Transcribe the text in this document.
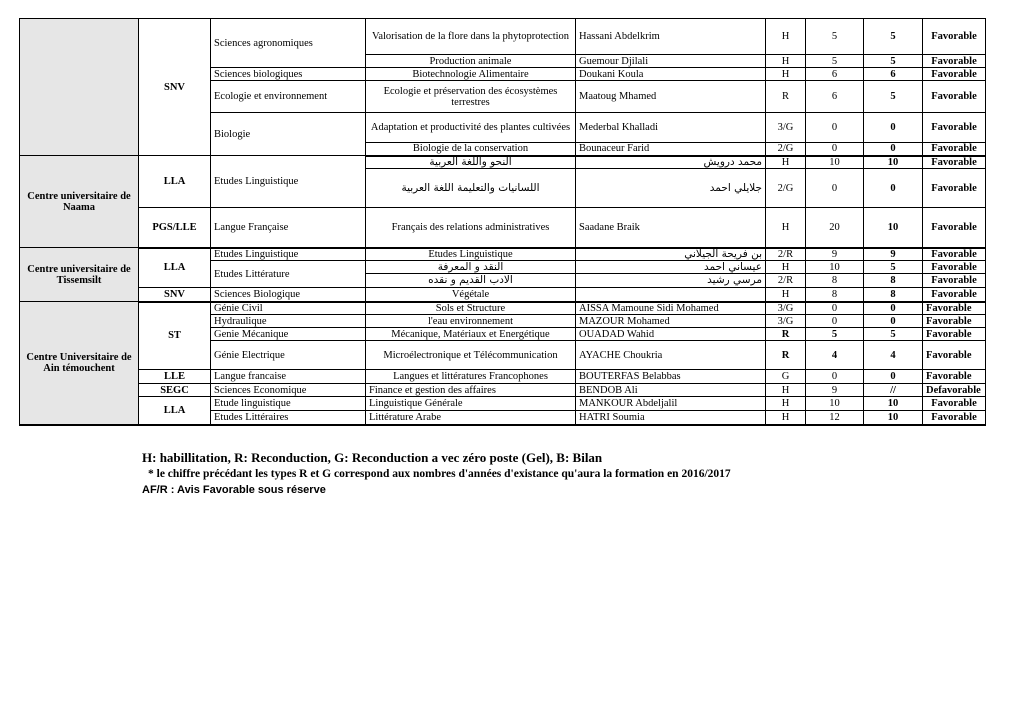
	SNV	Sciences agronomiques	Valorisation de la flore dans la phytoprotection	Hassani Abdelkrim	H	5	5	Favorable
			Production animale	Guemour Djilali	H	5	5	Favorable
		Sciences biologiques	Biotechnologie Alimentaire	Doukani Koula	H	6	6	Favorable
		Ecologie et environnement	Ecologie et préservation des écosystèmes terrestres	Maatoug Mhamed	R	6	5	Favorable
		Biologie	Adaptation et productivité des plantes cultivées	Mederbal Khalladi	3/G	0	0	Favorable
			Biologie de la conservation	Bounaceur Farid	2/G	0	0	Favorable
Centre universitaire de Naama	LLA	Etudes Linguistique	النحو واللغة العربية	محمد درويش	H	10	10	Favorable
			اللسانيات والتعليمة اللغة العربية	جلايلي احمد	2/G	0	0	Favorable
	PGS/LLE	Langue Française	Français des relations administratives	Saadane Braik	H	20	10	Favorable
Centre universitaire de Tissemsilt	LLA	Etudes Linguistique	Etudes Linguistique	بن فريحة الجيلاني	2/R	9	9	Favorable
		Etudes Littérature	النقد و المعرفة	عيساني احمد	H	10	5	Favorable
			الادب القديم و نقده	مرسي رشيد	2/R	8	8	Favorable
	SNV	Sciences Biologique	Végétale		H	8	8	Favorable
Centre Universitaire de Ain témouchent	ST	Génie Civil	Sols et Structure	AISSA Mamoune Sidi Mohamed	3/G	0	0	Favorable
		Hydraulique	l'eau environnement	MAZOUR Mohamed	3/G	0	0	Favorable
		Genie Mécanique	Mécanique, Matériaux et Energétique	OUADAD Wahid	R	5	5	Favorable
		Génie Electrique	Microélectronique et Télécommunication	AYACHE Choukria	R	4	4	Favorable
	LLE	Langue francaise	Langues et littératures Francophones	BOUTERFAS Belabbas	G	0	0	Favorable
	SEGC	Sciences Economique	Finance et gestion des affaires	BENDOB Ali	H	9	//	Defavorable
	LLA	Etude linguistique	Linguistique Générale	MANKOUR Abdeljalil	H	10	10	Favorable
		Etudes Littéraires	Littérature Arabe	HATRI Soumia	H	12	10	Favorable
H: habillitation, R: Reconduction, G: Reconduction a vec zéro poste (Gel), B: Bilan
* le chiffre précédant les types R et G correspond aux nombres d'années d'existance qu'aura la formation en 2016/2017
AF/R : Avis Favorable sous réserve
